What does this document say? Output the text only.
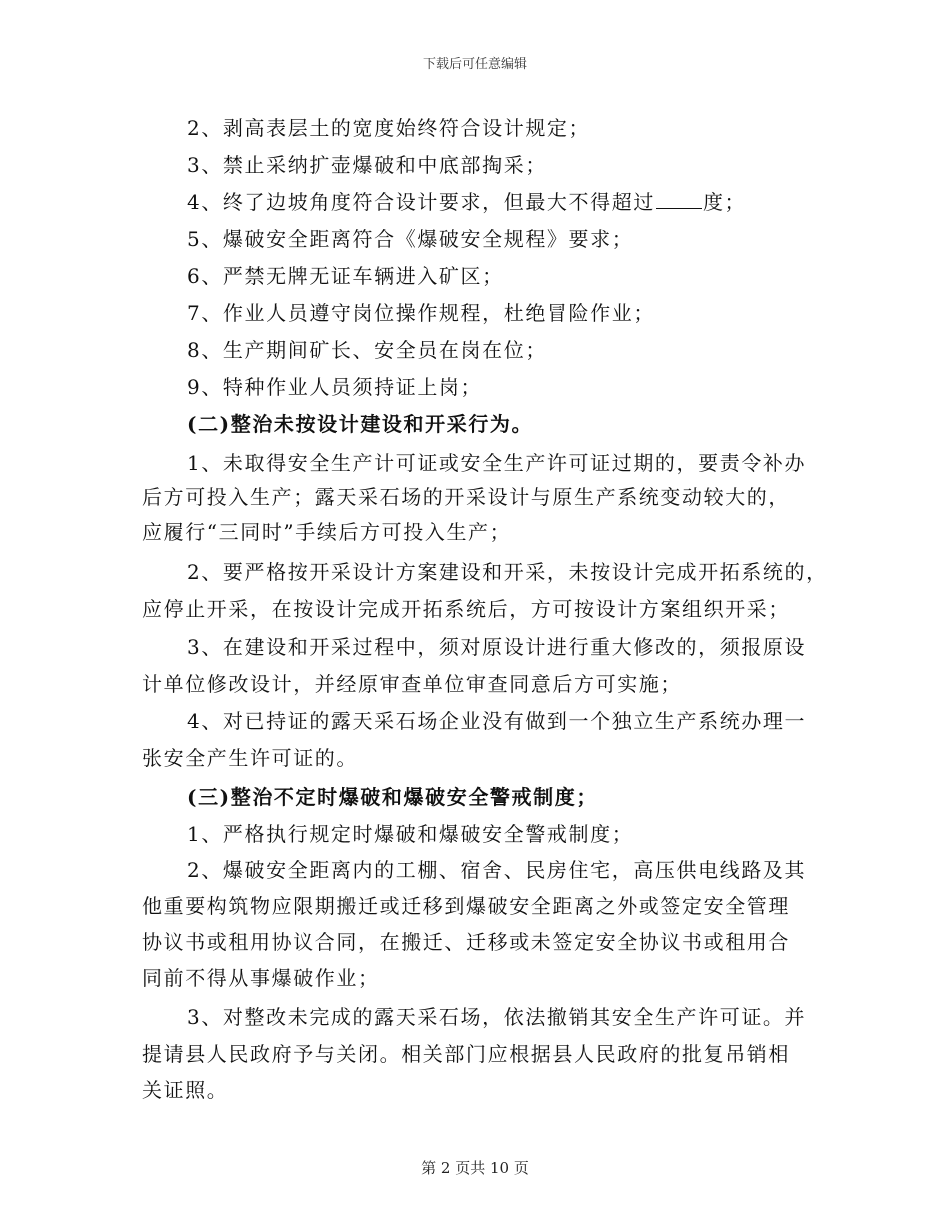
下载后可任意编辑
2、剥高表层土的宽度始终符合设计规定；
3、禁止采纳扩壶爆破和中底部掏采；
4、终了边坡角度符合设计要求，但最大不得超过 度；
5、爆破安全距离符合《爆破安全规程》要求；
6、严禁无牌无证车辆进入矿区；
7、作业人员遵守岗位操作规程，杜绝冒险作业；
8、生产期间矿长、安全员在岗在位；
9、特种作业人员须持证上岗；
(二)整治未按设计建设和开采行为。
1、未取得安全生产计可证或安全生产许可证过期的，要责令补办
后方可投入生产；露天采石场的开采设计与原生产系统变动较大的，
应履行“三同时”手续后方可投入生产；
2、要严格按开采设计方案建设和开采，未按设计完成开拓系统的，
应停止开采，在按设计完成开拓系统后，方可按设计方案组织开采；
3、在建设和开采过程中，须对原设计进行重大修改的，须报原设
计单位修改设计，并经原审查单位审查同意后方可实施；
4、对已持证的露天采石场企业没有做到一个独立生产系统办理一
张安全产生许可证的。
(三)整治不定时爆破和爆破安全警戒制度；
1、严格执行规定时爆破和爆破安全警戒制度；
2、爆破安全距离内的工棚、宿舍、民房住宅，高压供电线路及其
他重要构筑物应限期搬迁或迁移到爆破安全距离之外或签定安全管理
协议书或租用协议合同，在搬迁、迁移或未签定安全协议书或租用合
同前不得从事爆破作业；
3、对整改未完成的露天采石场，依法撤销其安全生产许可证。并
提请县人民政府予与关闭。相关部门应根据县人民政府的批复吊销相
关证照。
第 2 页共 10 页
